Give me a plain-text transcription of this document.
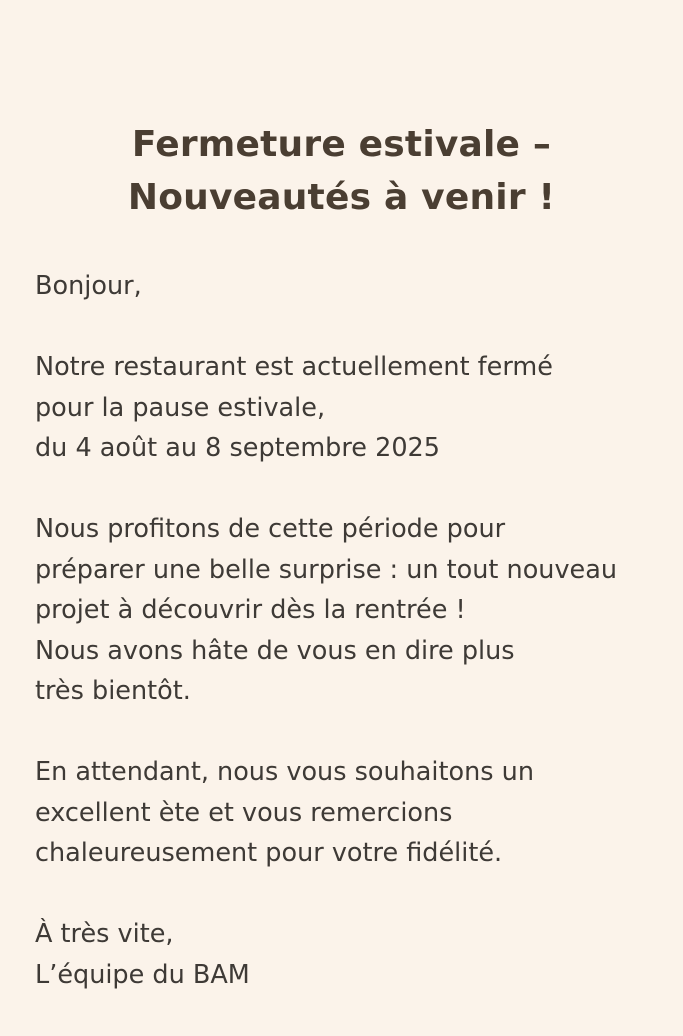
Fermeture estivale –
Nouveautés à venir !

Bonjour,

Notre restaurant est actuellement fermé
pour la pause estivale,
du 4 août au 8 septembre 2025

Nous profitons de cette période pour
préparer une belle surprise : un tout nouveau
projet à découvrir dès la rentrée !
Nous avons hâte de vous en dire plus
très bientôt.

En attendant, nous vous souhaitons un
excellent ète et vous remercions
chaleureusement pour votre fidélité.

À très vite,
L’équipe du BAM
